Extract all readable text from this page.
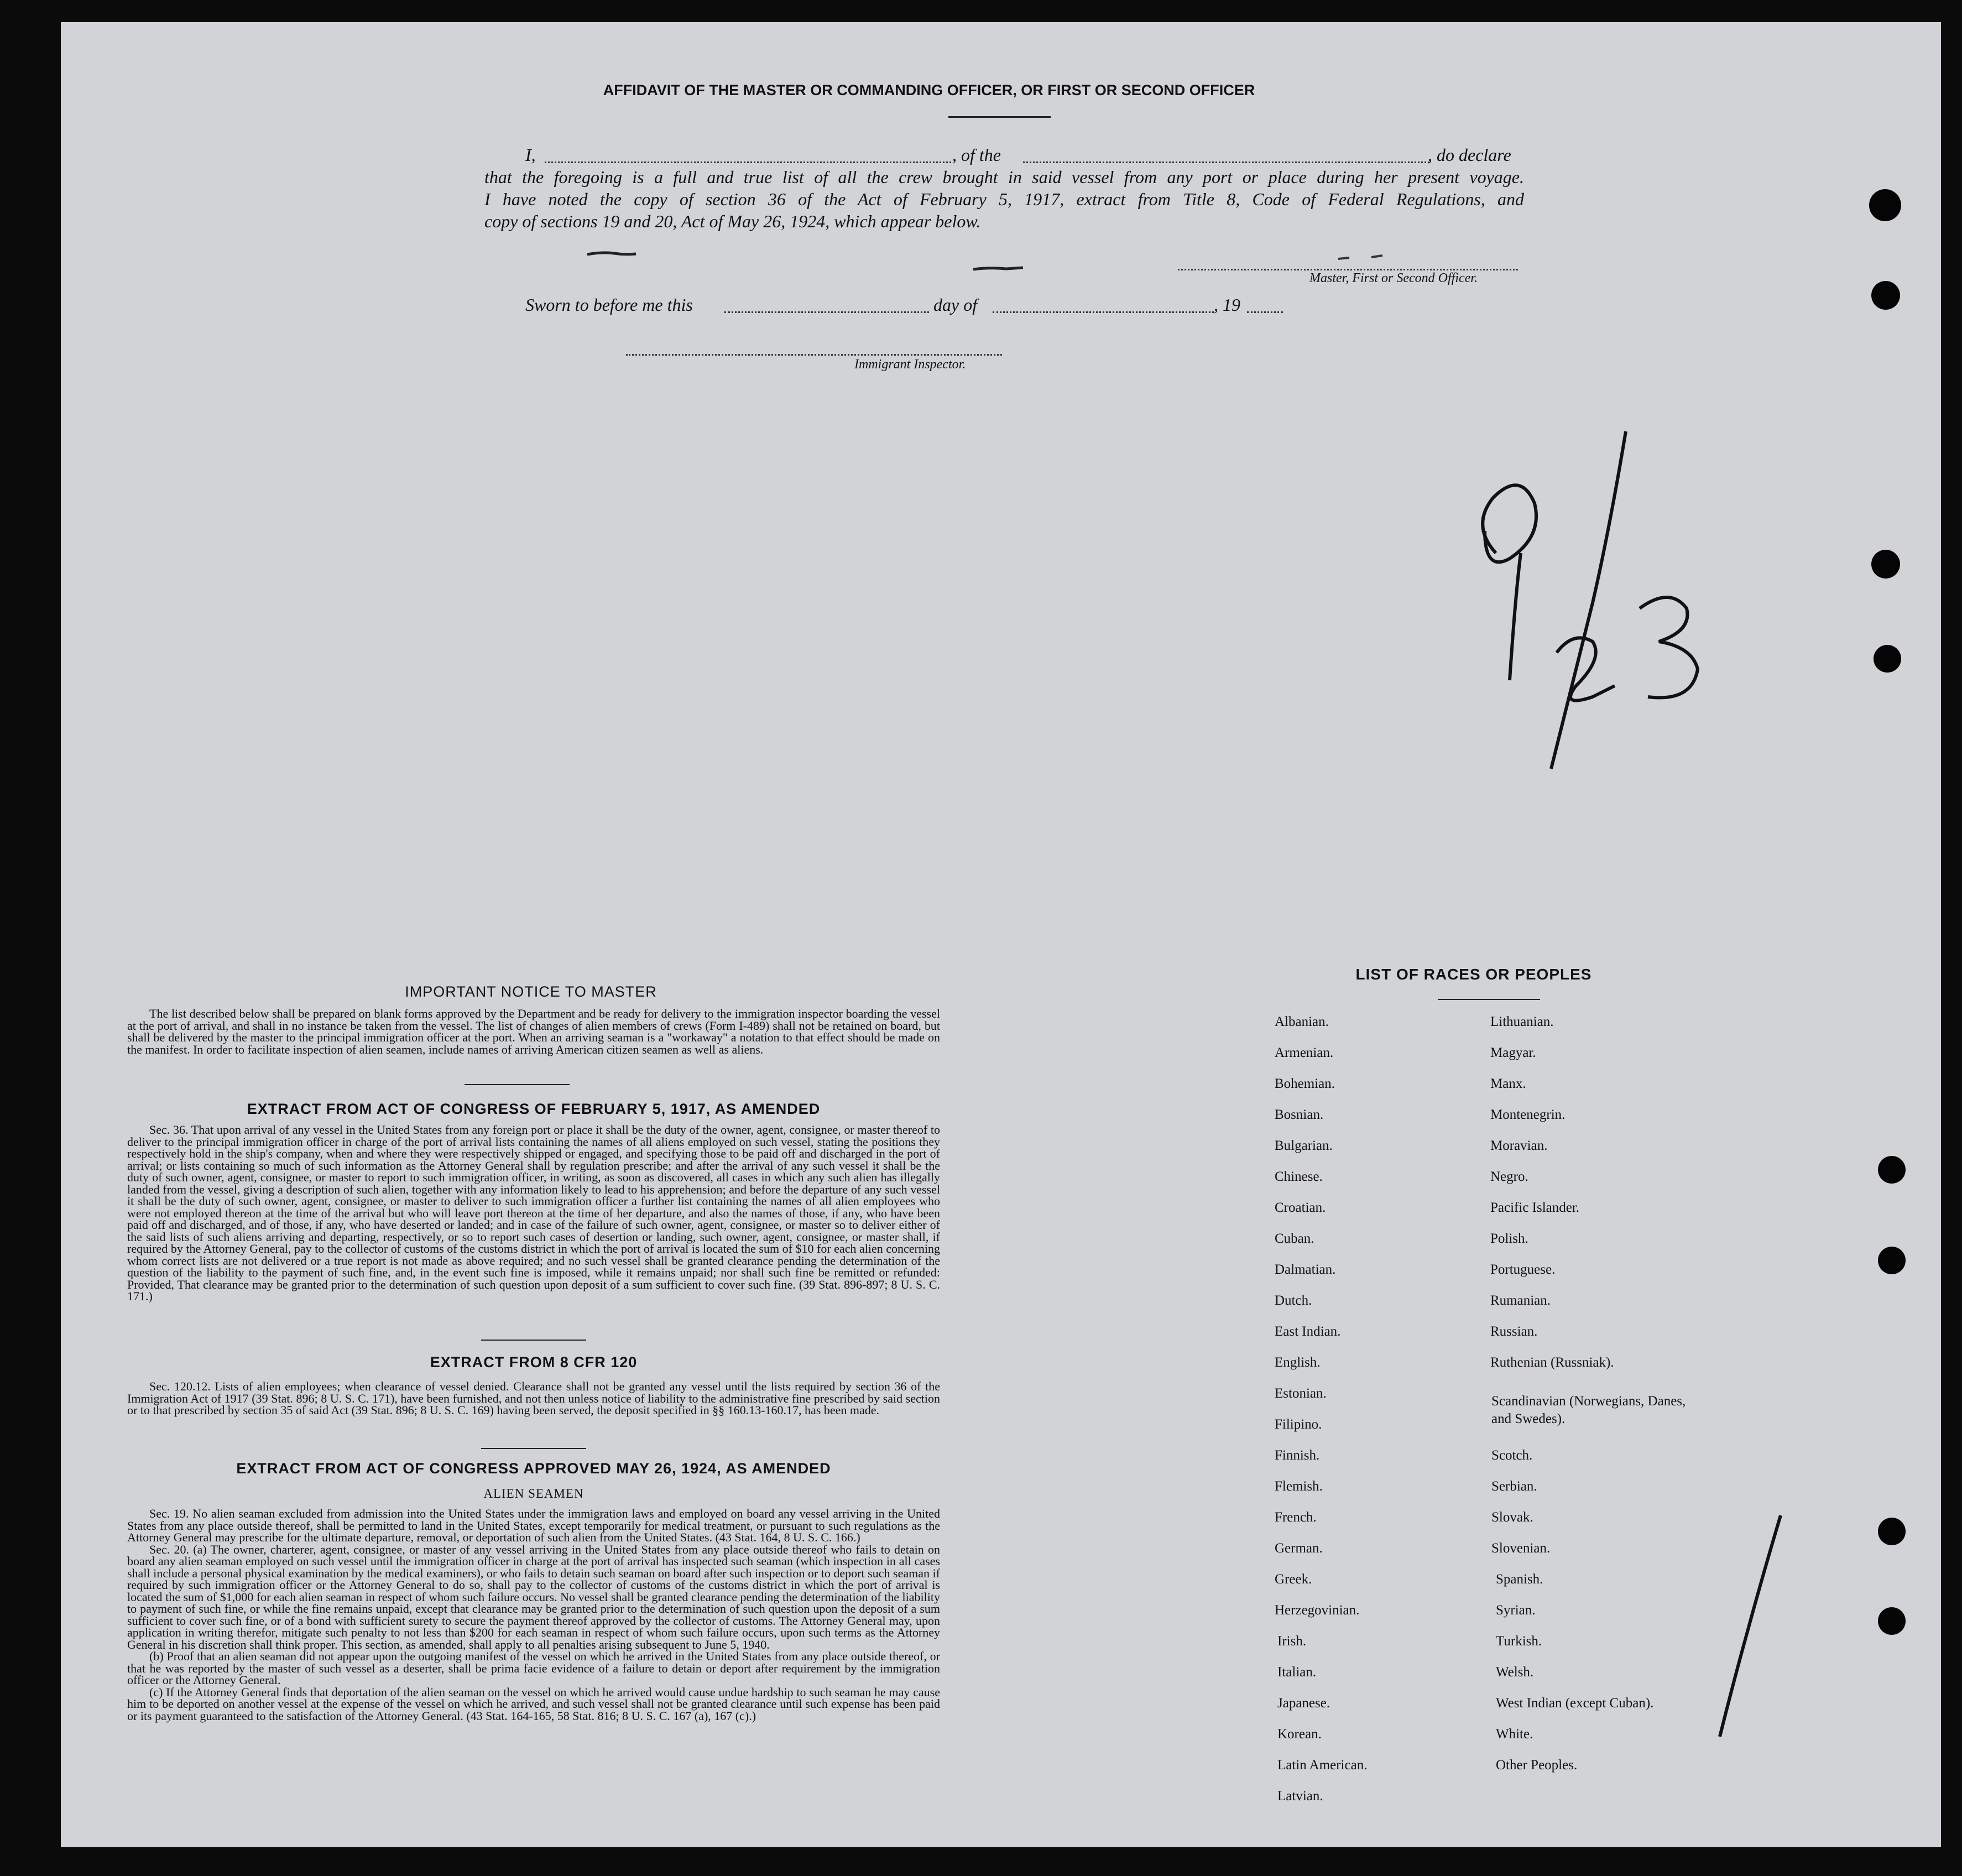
AFFIDAVIT OF THE MASTER OR COMMANDING OFFICER, OR FIRST OR SECOND OFFICER
I,	, of the	, do declare
that the foregoing is a full and true list of all the crew brought in said vessel from any port or place during her present voyage.
I have noted the copy of section 36 of the Act of February 5, 1917, extract from Title 8, Code of Federal Regulations, and
copy of sections 19 and 20, Act of May 26, 1924, which appear below.
Master, First or Second Officer.
Sworn to before me this	day of	, 19
Immigrant Inspector.
IMPORTANT NOTICE TO MASTER

The list described below shall be prepared on blank forms approved by the Department and be ready for delivery to the immigration inspector boarding the vessel at the port of arrival, and shall in no instance be taken from the vessel. The list of changes of alien members of crews (Form I-489) shall not be retained on board, but shall be delivered by the master to the principal immigration officer at the port. When an arriving seaman is a "workaway" a notation to that effect should be made on the manifest. In order to facilitate inspection of alien seamen, include names of arriving American citizen seamen as well as aliens.

EXTRACT FROM ACT OF CONGRESS OF FEBRUARY 5, 1917, AS AMENDED

Sec. 36. That upon arrival of any vessel in the United States from any foreign port or place it shall be the duty of the owner, agent, consignee, or master thereof to deliver to the principal immigration officer in charge of the port of arrival lists containing the names of all aliens employed on such vessel, stating the positions they respectively hold in the ship's company, when and where they were respectively shipped or engaged, and specifying those to be paid off and discharged in the port of arrival; or lists containing so much of such information as the Attorney General shall by regulation prescribe; and after the arrival of any such vessel it shall be the duty of such owner, agent, consignee, or master to report to such immigration officer, in writing, as soon as discovered, all cases in which any such alien has illegally landed from the vessel, giving a description of such alien, together with any information likely to lead to his apprehension; and before the departure of any such vessel it shall be the duty of such owner, agent, consignee, or master to deliver to such immigration officer a further list containing the names of all alien employees who were not employed thereon at the time of the arrival but who will leave port thereon at the time of her departure, and also the names of those, if any, who have been paid off and discharged, and of those, if any, who have deserted or landed; and in case of the failure of such owner, agent, consignee, or master so to deliver either of the said lists of such aliens arriving and departing, respectively, or so to report such cases of desertion or landing, such owner, agent, consignee, or master shall, if required by the Attorney General, pay to the collector of customs of the customs district in which the port of arrival is located the sum of $10 for each alien concerning whom correct lists are not delivered or a true report is not made as above required; and no such vessel shall be granted clearance pending the determination of the question of the liability to the payment of such fine, and, in the event such fine is imposed, while it remains unpaid; nor shall such fine be remitted or refunded: Provided, That clearance may be granted prior to the determination of such question upon deposit of a sum sufficient to cover such fine. (39 Stat. 896-897; 8 U. S. C. 171.)

EXTRACT FROM 8 CFR 120

Sec. 120.12. Lists of alien employees; when clearance of vessel denied. Clearance shall not be granted any vessel until the lists required by section 36 of the Immigration Act of 1917 (39 Stat. 896; 8 U. S. C. 171), have been furnished, and not then unless notice of liability to the administrative fine prescribed by said section or to that prescribed by section 35 of said Act (39 Stat. 896; 8 U. S. C. 169) having been served, the deposit specified in §§ 160.13-160.17, has been made.

EXTRACT FROM ACT OF CONGRESS APPROVED MAY 26, 1924, AS AMENDED
ALIEN SEAMEN

Sec. 19. No alien seaman excluded from admission into the United States under the immigration laws and employed on board any vessel arriving in the United States from any place outside thereof, shall be permitted to land in the United States, except temporarily for medical treatment, or pursuant to such regulations as the Attorney General may prescribe for the ultimate departure, removal, or deportation of such alien from the United States. (43 Stat. 164, 8 U. S. C. 166.)

Sec. 20. (a) The owner, charterer, agent, consignee, or master of any vessel arriving in the United States from any place outside thereof who fails to detain on board any alien seaman employed on such vessel until the immigration officer in charge at the port of arrival has inspected such seaman (which inspection in all cases shall include a personal physical examination by the medical examiners), or who fails to detain such seaman on board after such inspection or to deport such seaman if required by such immigration officer or the Attorney General to do so, shall pay to the collector of customs of the customs district in which the port of arrival is located the sum of $1,000 for each alien seaman in respect of whom such failure occurs. No vessel shall be granted clearance pending the determination of the liability to payment of such fine, or while the fine remains unpaid, except that clearance may be granted prior to the determination of such question upon the deposit of a sum sufficient to cover such fine, or of a bond with sufficient surety to secure the payment thereof approved by the collector of customs. The Attorney General may, upon application in writing therefor, mitigate such penalty to not less than $200 for each seaman in respect of whom such failure occurs, upon such terms as the Attorney General in his discretion shall think proper. This section, as amended, shall apply to all penalties arising subsequent to June 5, 1940.

(b) Proof that an alien seaman did not appear upon the outgoing manifest of the vessel on which he arrived in the United States from any place outside thereof, or that he was reported by the master of such vessel as a deserter, shall be prima facie evidence of a failure to detain or deport after requirement by the immigration officer or the Attorney General.

(c) If the Attorney General finds that deportation of the alien seaman on the vessel on which he arrived would cause undue hardship to such seaman he may cause him to be deported on another vessel at the expense of the vessel on which he arrived, and such vessel shall not be granted clearance until such expense has been paid or its payment guaranteed to the satisfaction of the Attorney General. (43 Stat. 164-165, 58 Stat. 816; 8 U. S. C. 167 (a), 167 (c).)

LIST OF RACES OR PEOPLES
Albanian.
Armenian.
Bohemian.
Bosnian.
Bulgarian.
Chinese.
Croatian.
Cuban.
Dalmatian.
Dutch.
East Indian.
English.
Estonian.
Filipino.
Finnish.
Flemish.
French.
German.
Greek.
Herzegovinian.
Irish.
Italian.
Japanese.
Korean.
Latin American.
Latvian.
Lithuanian.
Magyar.
Manx.
Montenegrin.
Moravian.
Negro.
Pacific Islander.
Polish.
Portuguese.
Rumanian.
Russian.
Ruthenian (Russniak).
Scandinavian (Norwegians, Danes, and Swedes).
Scotch.
Serbian.
Slovak.
Slovenian.
Spanish.
Syrian.
Turkish.
Welsh.
West Indian (except Cuban).
White.
Other Peoples.
